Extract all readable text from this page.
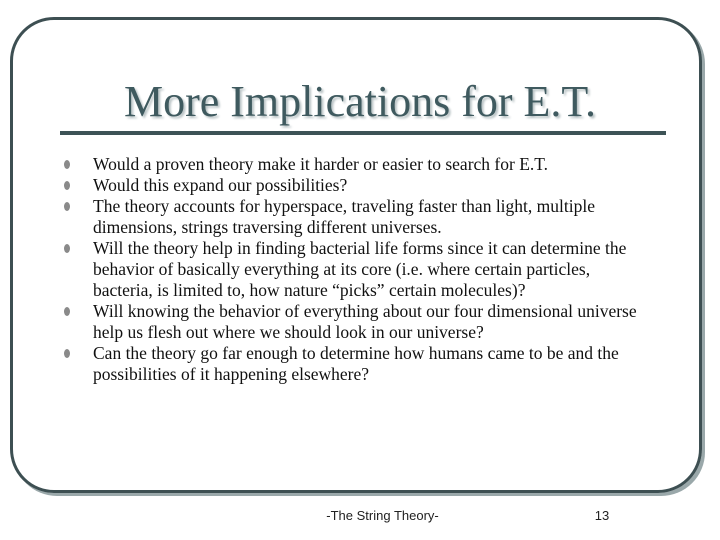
More Implications for E.T.
Would a proven theory make it harder or easier to search for E.T.
Would this expand our possibilities?
The theory accounts for hyperspace, traveling faster than light, multiple dimensions, strings traversing different universes.
Will the theory help in finding bacterial life forms since it can determine the behavior of basically everything at its core (i.e. where certain particles, bacteria, is limited to, how nature “picks” certain molecules)?
Will knowing the behavior of everything about our four dimensional universe help us flesh out where we should look in our universe?
Can the theory go far enough to determine how humans came to be and the possibilities of it happening elsewhere?
-The String Theory-	13
